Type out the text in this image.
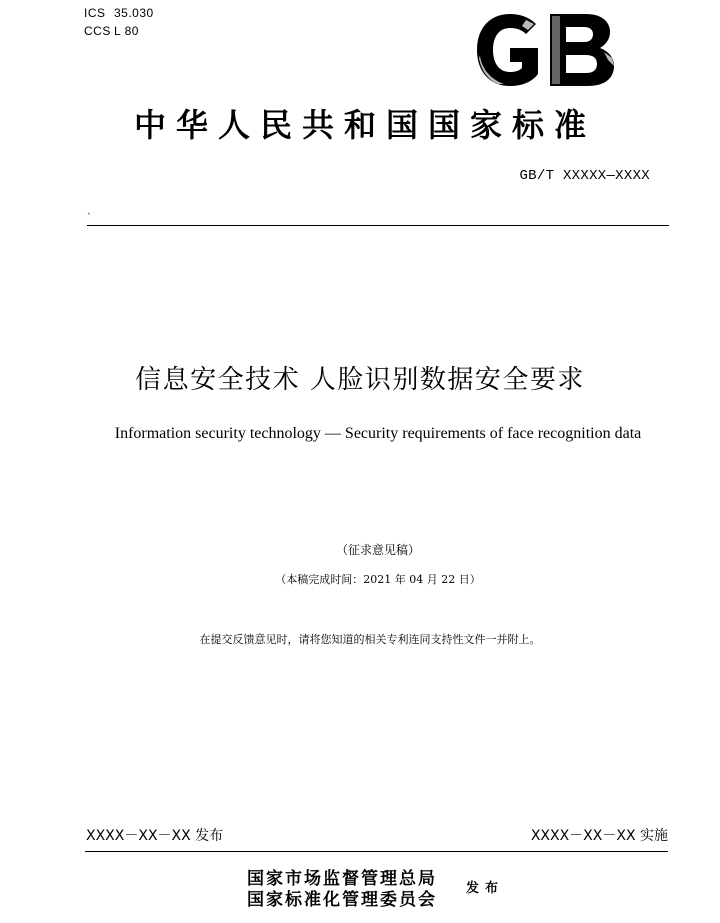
ICS 35.030
CCS L 80
中华人民共和国国家标准
GB/T XXXXX—XXXX
`
信息安全技术 人脸识别数据安全要求
Information security technology — Security requirements of face recognition data
（征求意见稿）
（本稿完成时间：2021 年 04 月 22 日）
在提交反馈意见时，请将您知道的相关专利连同支持性文件一并附上。
XXXX－XX－XX 发布	XXXX－XX－XX 实施
国家市场监督管理总局
国家标准化管理委员会
发布
